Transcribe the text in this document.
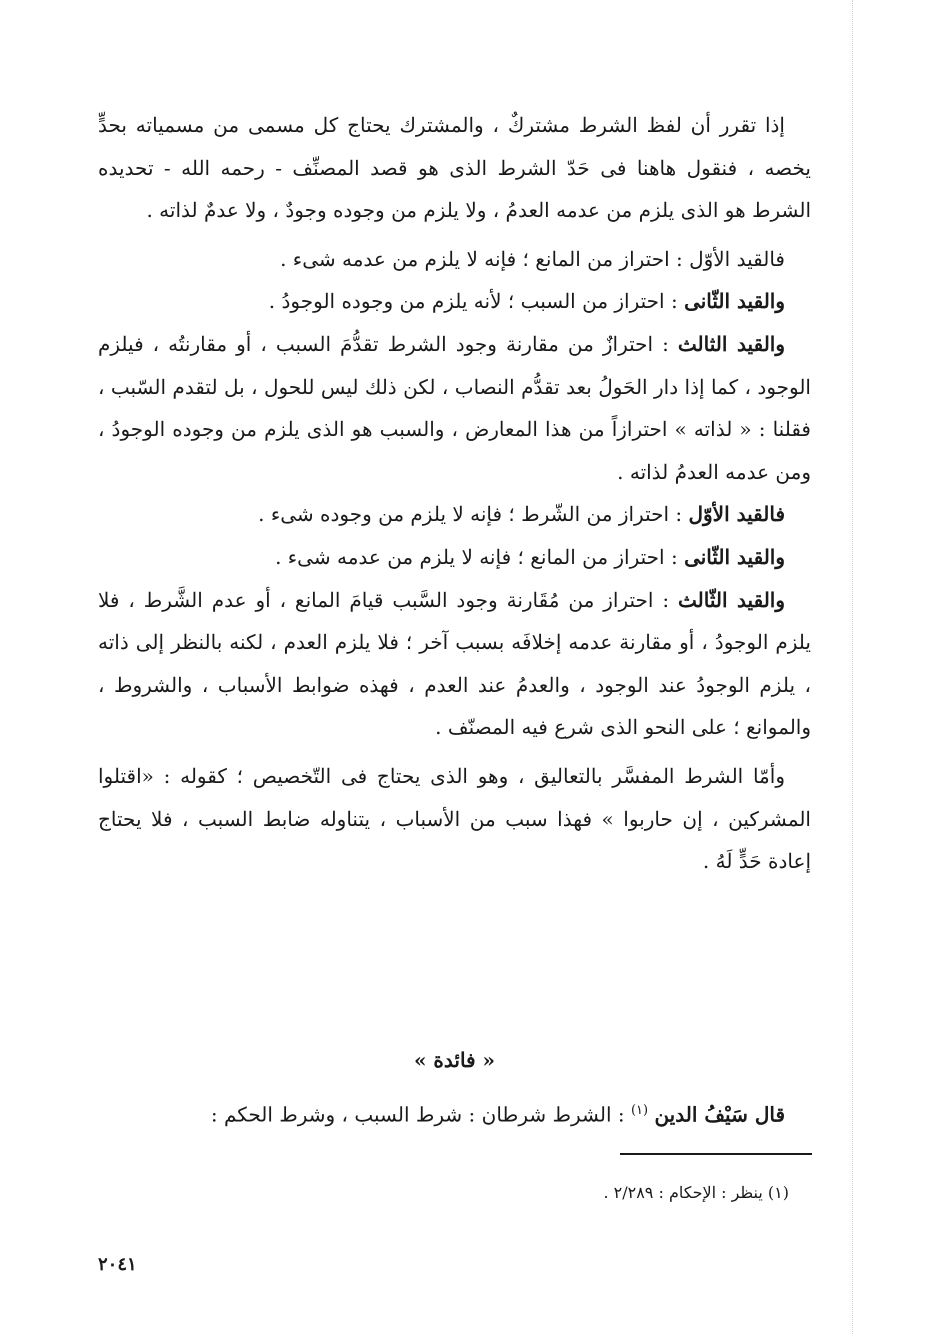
إذا تقرر أن لفظ الشرط مشتركٌ ، والمشترك يحتاج كل مسمى من مسمياته بحدٍّ يخصه ، فنقول هاهنا فى حَدّ الشرط الذى هو قصد المصنِّف - رحمه الله - تحديده الشرط هو الذى يلزم من عدمه العدمُ ، ولا يلزم من وجوده وجودٌ ، ولا عدمٌ لذاته .

فالقيد الأوّل : احتراز من المانع ؛ فإنه لا يلزم من عدمه شىء .

والقيد الثّانى : احتراز من السبب ؛ لأنه يلزم من وجوده الوجودُ .

والقيد الثالث : احترازٌ من مقارنة وجود الشرط تقدُّمَ السبب ، أو مقارنتُه ، فيلزم الوجود ، كما إذا دار الحَولُ بعد تقدُّم النصاب ، لكن ذلك ليس للحول ، بل لتقدم السّبب ، فقلنا : « لذاته » احترازاً من هذا المعارض ، والسبب هو الذى يلزم من وجوده الوجودُ ، ومن عدمه العدمُ لذاته .

فالقيد الأوّل : احتراز من الشّرط ؛ فإنه لا يلزم من وجوده شىء .

والقيد الثّانى : احتراز من المانع ؛ فإنه لا يلزم من عدمه شىء .

والقيد الثّالث : احتراز من مُقَارنة وجود السَّبب قيامَ المانع ، أو عدم الشَّرط ، فلا يلزم الوجودُ ، أو مقارنة عدمه إخلافَه بسبب آخر ؛ فلا يلزم العدم ، لكنه بالنظر إلى ذاته ، يلزم الوجودُ عند الوجود ، والعدمُ عند العدم ، فهذه ضوابط الأسباب ، والشروط ، والموانع ؛ على النحو الذى شرع فيه المصنّف .

وأمّا الشرط المفسَّر بالتعاليق ، وهو الذى يحتاج فى التّخصيص ؛ كقوله : «اقتلوا المشركين ، إن حاربوا » فهذا سبب من الأسباب ، يتناوله ضابط السبب ، فلا يحتاج إعادة حَدٍّ لَهُ .

« فائدة »

قال سَيْفُ الدين $^{(١)}$ : الشرط شرطان : شرط السبب ، وشرط الحكم :

(١) ينظر : الإحكام : ٢/٢٨٩ .

٢٠٤١
